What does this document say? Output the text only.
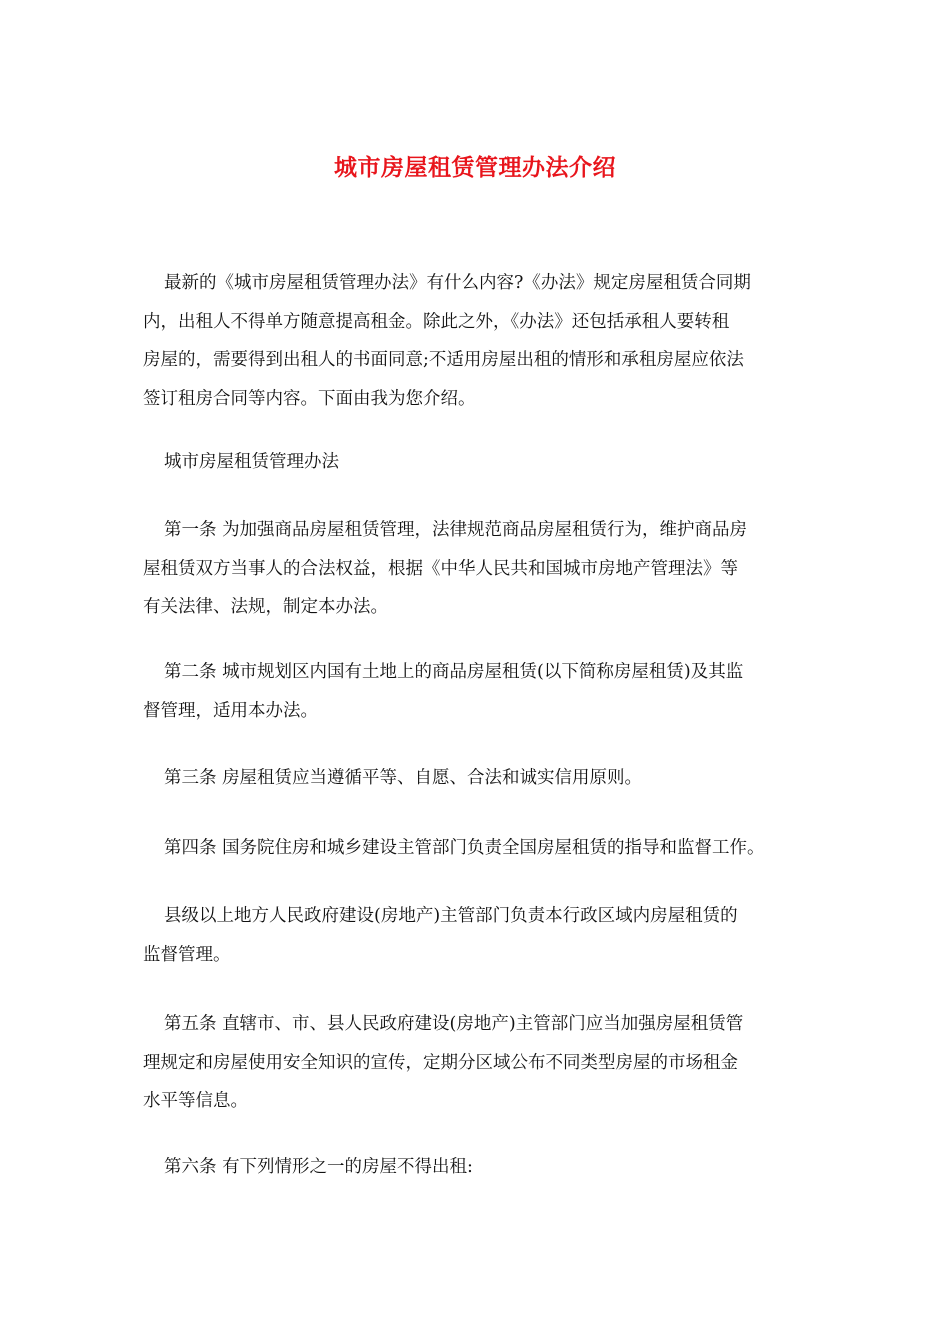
城市房屋租赁管理办法介绍

最新的《城市房屋租赁管理办法》有什么内容?《办法》规定房屋租赁合同期
内，出租人不得单方随意提高租金。除此之外，《办法》还包括承租人要转租
房屋的，需要得到出租人的书面同意;不适用房屋出租的情形和承租房屋应依法
签订租房合同等内容。下面由我为您介绍。

城市房屋租赁管理办法

第一条 为加强商品房屋租赁管理，法律规范商品房屋租赁行为，维护商品房
屋租赁双方当事人的合法权益，根据《中华人民共和国城市房地产管理法》等
有关法律、法规，制定本办法。

第二条 城市规划区内国有土地上的商品房屋租赁(以下简称房屋租赁)及其监
督管理，适用本办法。

第三条 房屋租赁应当遵循平等、自愿、合法和诚实信用原则。

第四条 国务院住房和城乡建设主管部门负责全国房屋租赁的指导和监督工作。

县级以上地方人民政府建设(房地产)主管部门负责本行政区域内房屋租赁的
监督管理。

第五条 直辖市、市、县人民政府建设(房地产)主管部门应当加强房屋租赁管
理规定和房屋使用安全知识的宣传，定期分区域公布不同类型房屋的市场租金
水平等信息。

第六条 有下列情形之一的房屋不得出租:
